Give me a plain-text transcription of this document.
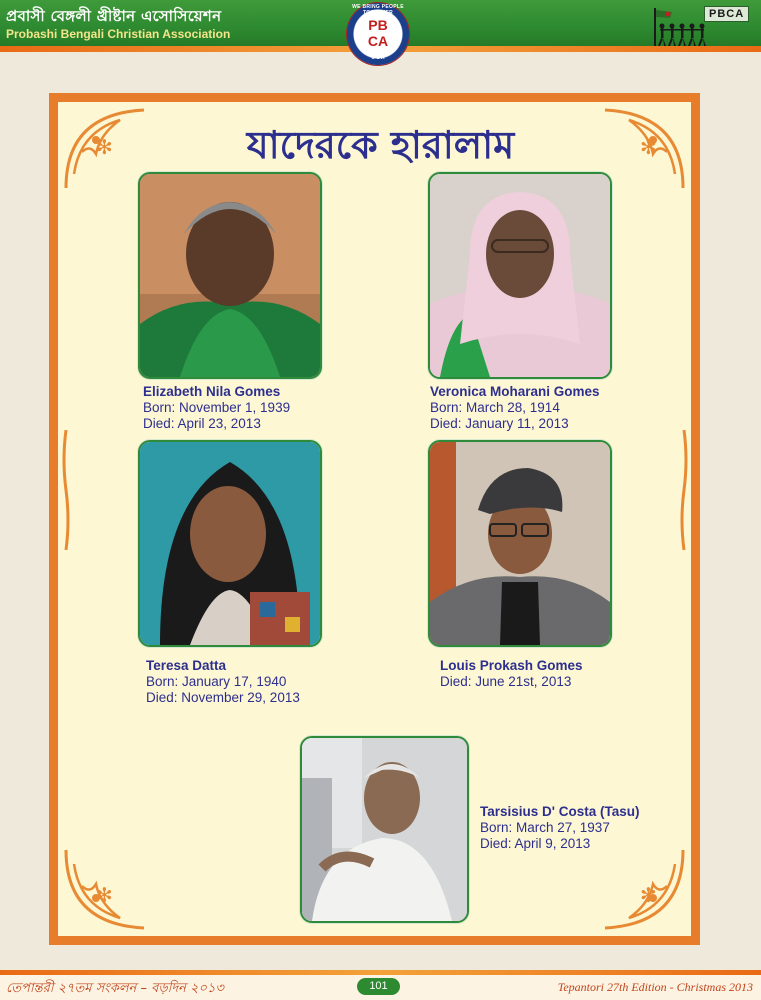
প্রবাসী বেঙ্গলী খ্রীষ্টান এসোসিয়েশন
Probashi Bengali Christian Association
PBCA
WE BRING PEOPLE TOGETHER
PB CA
U S A
✻	✻
✻	✻
যাদেরকে হারালাম
Elizabeth Nila Gomes
Born: November 1, 1939
Died: April 23, 2013
Veronica Moharani Gomes
Born: March 28, 1914
Died: January 11, 2013
Teresa Datta
Born: January 17, 1940
Died: November 29, 2013
Louis Prokash Gomes
Died: June 21st, 2013
Tarsisius D' Costa (Tasu)
Born: March 27, 1937
Died: April 9, 2013
তেপান্তরী ২৭তম সংকলন – বড়দিন ২০১৩	101	Tepantori 27th Edition - Christmas 2013
